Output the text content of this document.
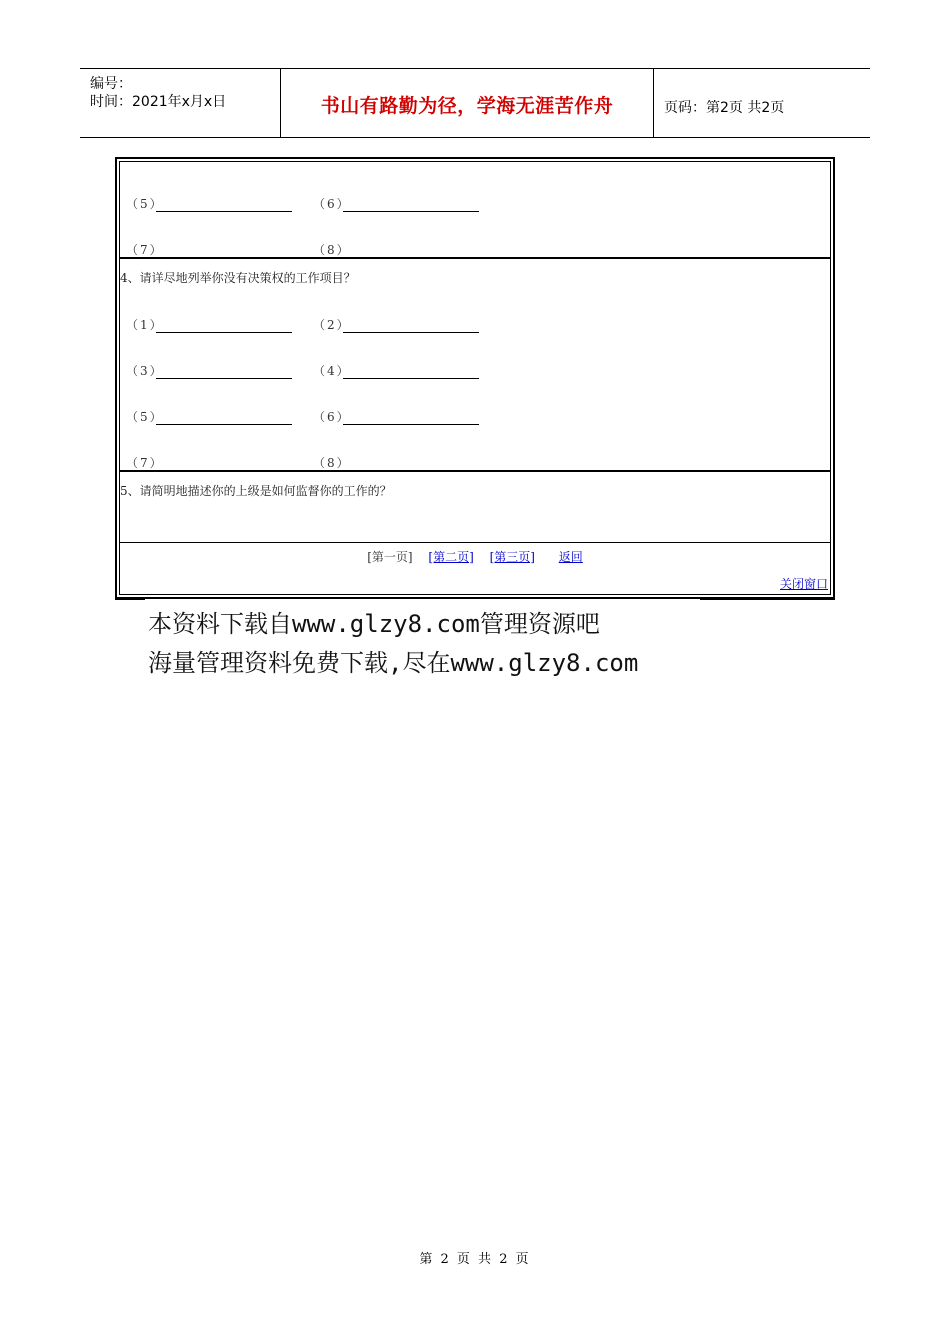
编号：
时间：2021年x月x日	书山有路勤为径，学海无涯苦作舟	页码：第2页 共2页
（5）	（6）
（7）	（8）
4、请详尽地列举你没有决策权的工作项目？
（1）	（2）
（3）	（4）
（5）	（6）
（7）	（8）
5、请简明地描述你的上级是如何监督你的工作的？
[第一页] [第二页] [第三页] 返回
关闭窗口
本资料下载自www.glzy8.com管理资源吧
海量管理资料免费下载,尽在www.glzy8.com
第 2 页 共 2 页
